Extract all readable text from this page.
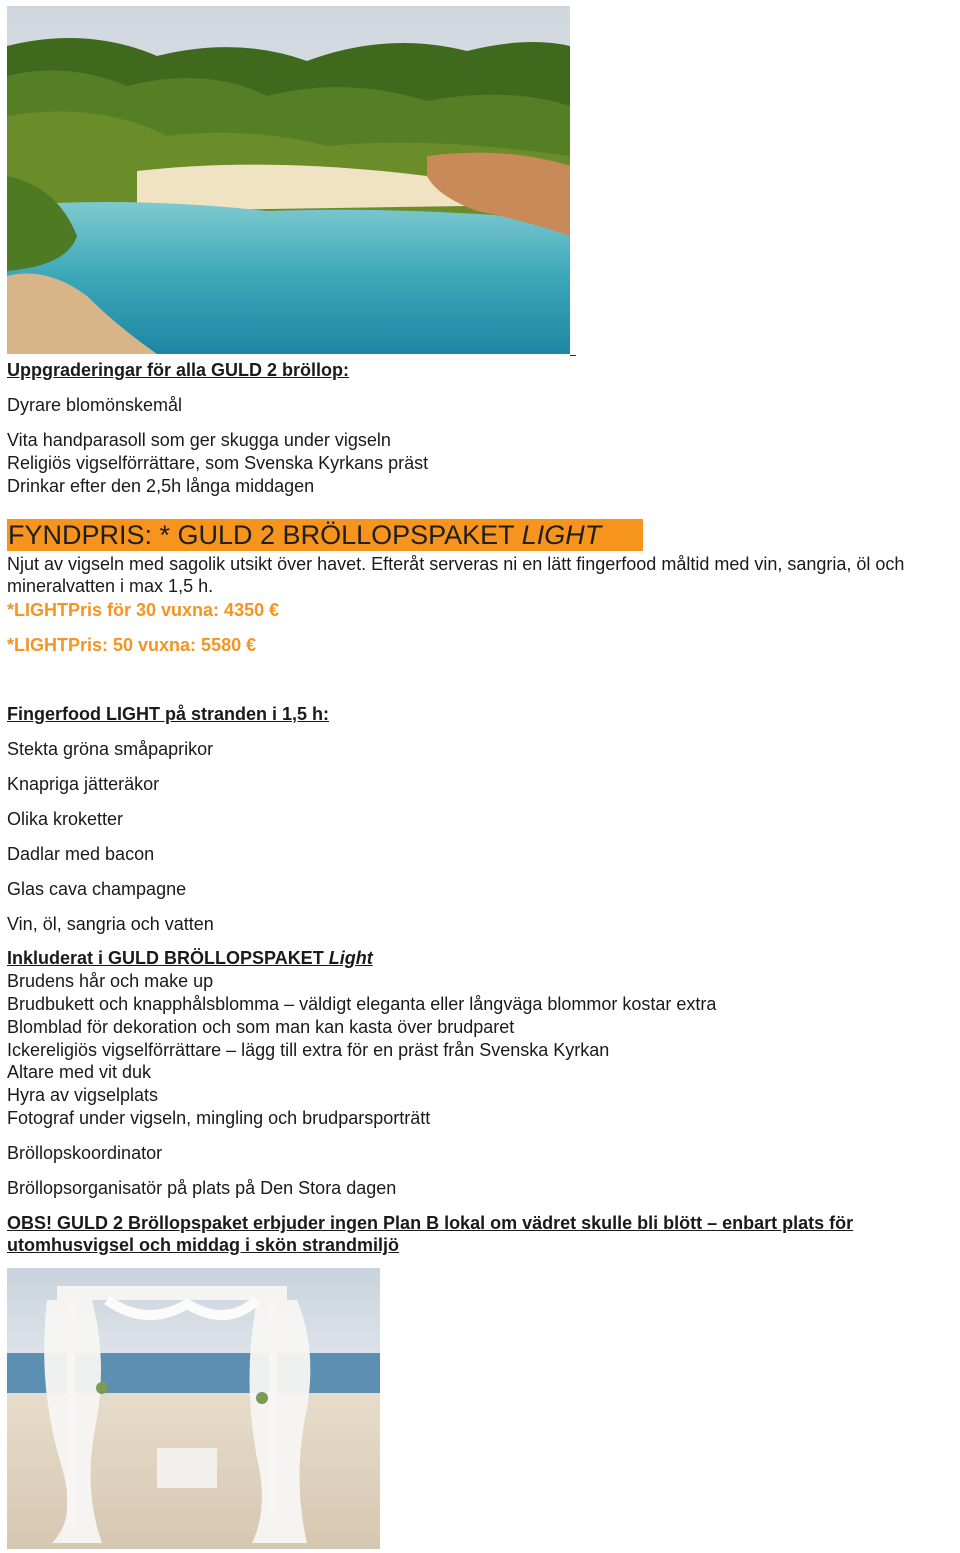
Uppgraderingar för alla GULD 2 bröllop:
Dyrare blomönskemål
Vita handparasoll som ger skugga under vigseln
Religiös vigselförrättare, som Svenska Kyrkans präst
Drinkar efter den 2,5h långa middagen
FYNDPRIS: * GULD 2 BRÖLLOPSPAKET LIGHT
Njut av vigseln med sagolik utsikt över havet. Efteråt serveras ni en lätt fingerfood måltid med vin, sangria, öl och mineralvatten i max 1,5 h.
*LIGHTPris för 30 vuxna: 4350 €
*LIGHTPris: 50 vuxna: 5580 €
Fingerfood LIGHT på stranden i 1,5 h:
Stekta gröna småpaprikor
Knapriga jätteräkor
Olika kroketter
Dadlar med bacon
Glas cava champagne
Vin, öl, sangria och vatten
Inkluderat i GULD BRÖLLOPSPAKET Light
Brudens hår och make up
Brudbukett och knapphålsblomma – väldigt eleganta eller långväga blommor kostar extra
Blomblad för dekoration och som man kan kasta över brudparet
Ickereligiös vigselförrättare – lägg till extra för en präst från Svenska Kyrkan
Altare med vit duk
Hyra av vigselplats
Fotograf under vigseln, mingling och brudparsporträtt
Bröllopskoordinator
Bröllopsorganisatör på plats på Den Stora dagen
OBS! GULD 2 Bröllopspaket erbjuder ingen Plan B lokal om vädret skulle bli blött – enbart plats för utomhusvigsel och middag i skön strandmiljö
